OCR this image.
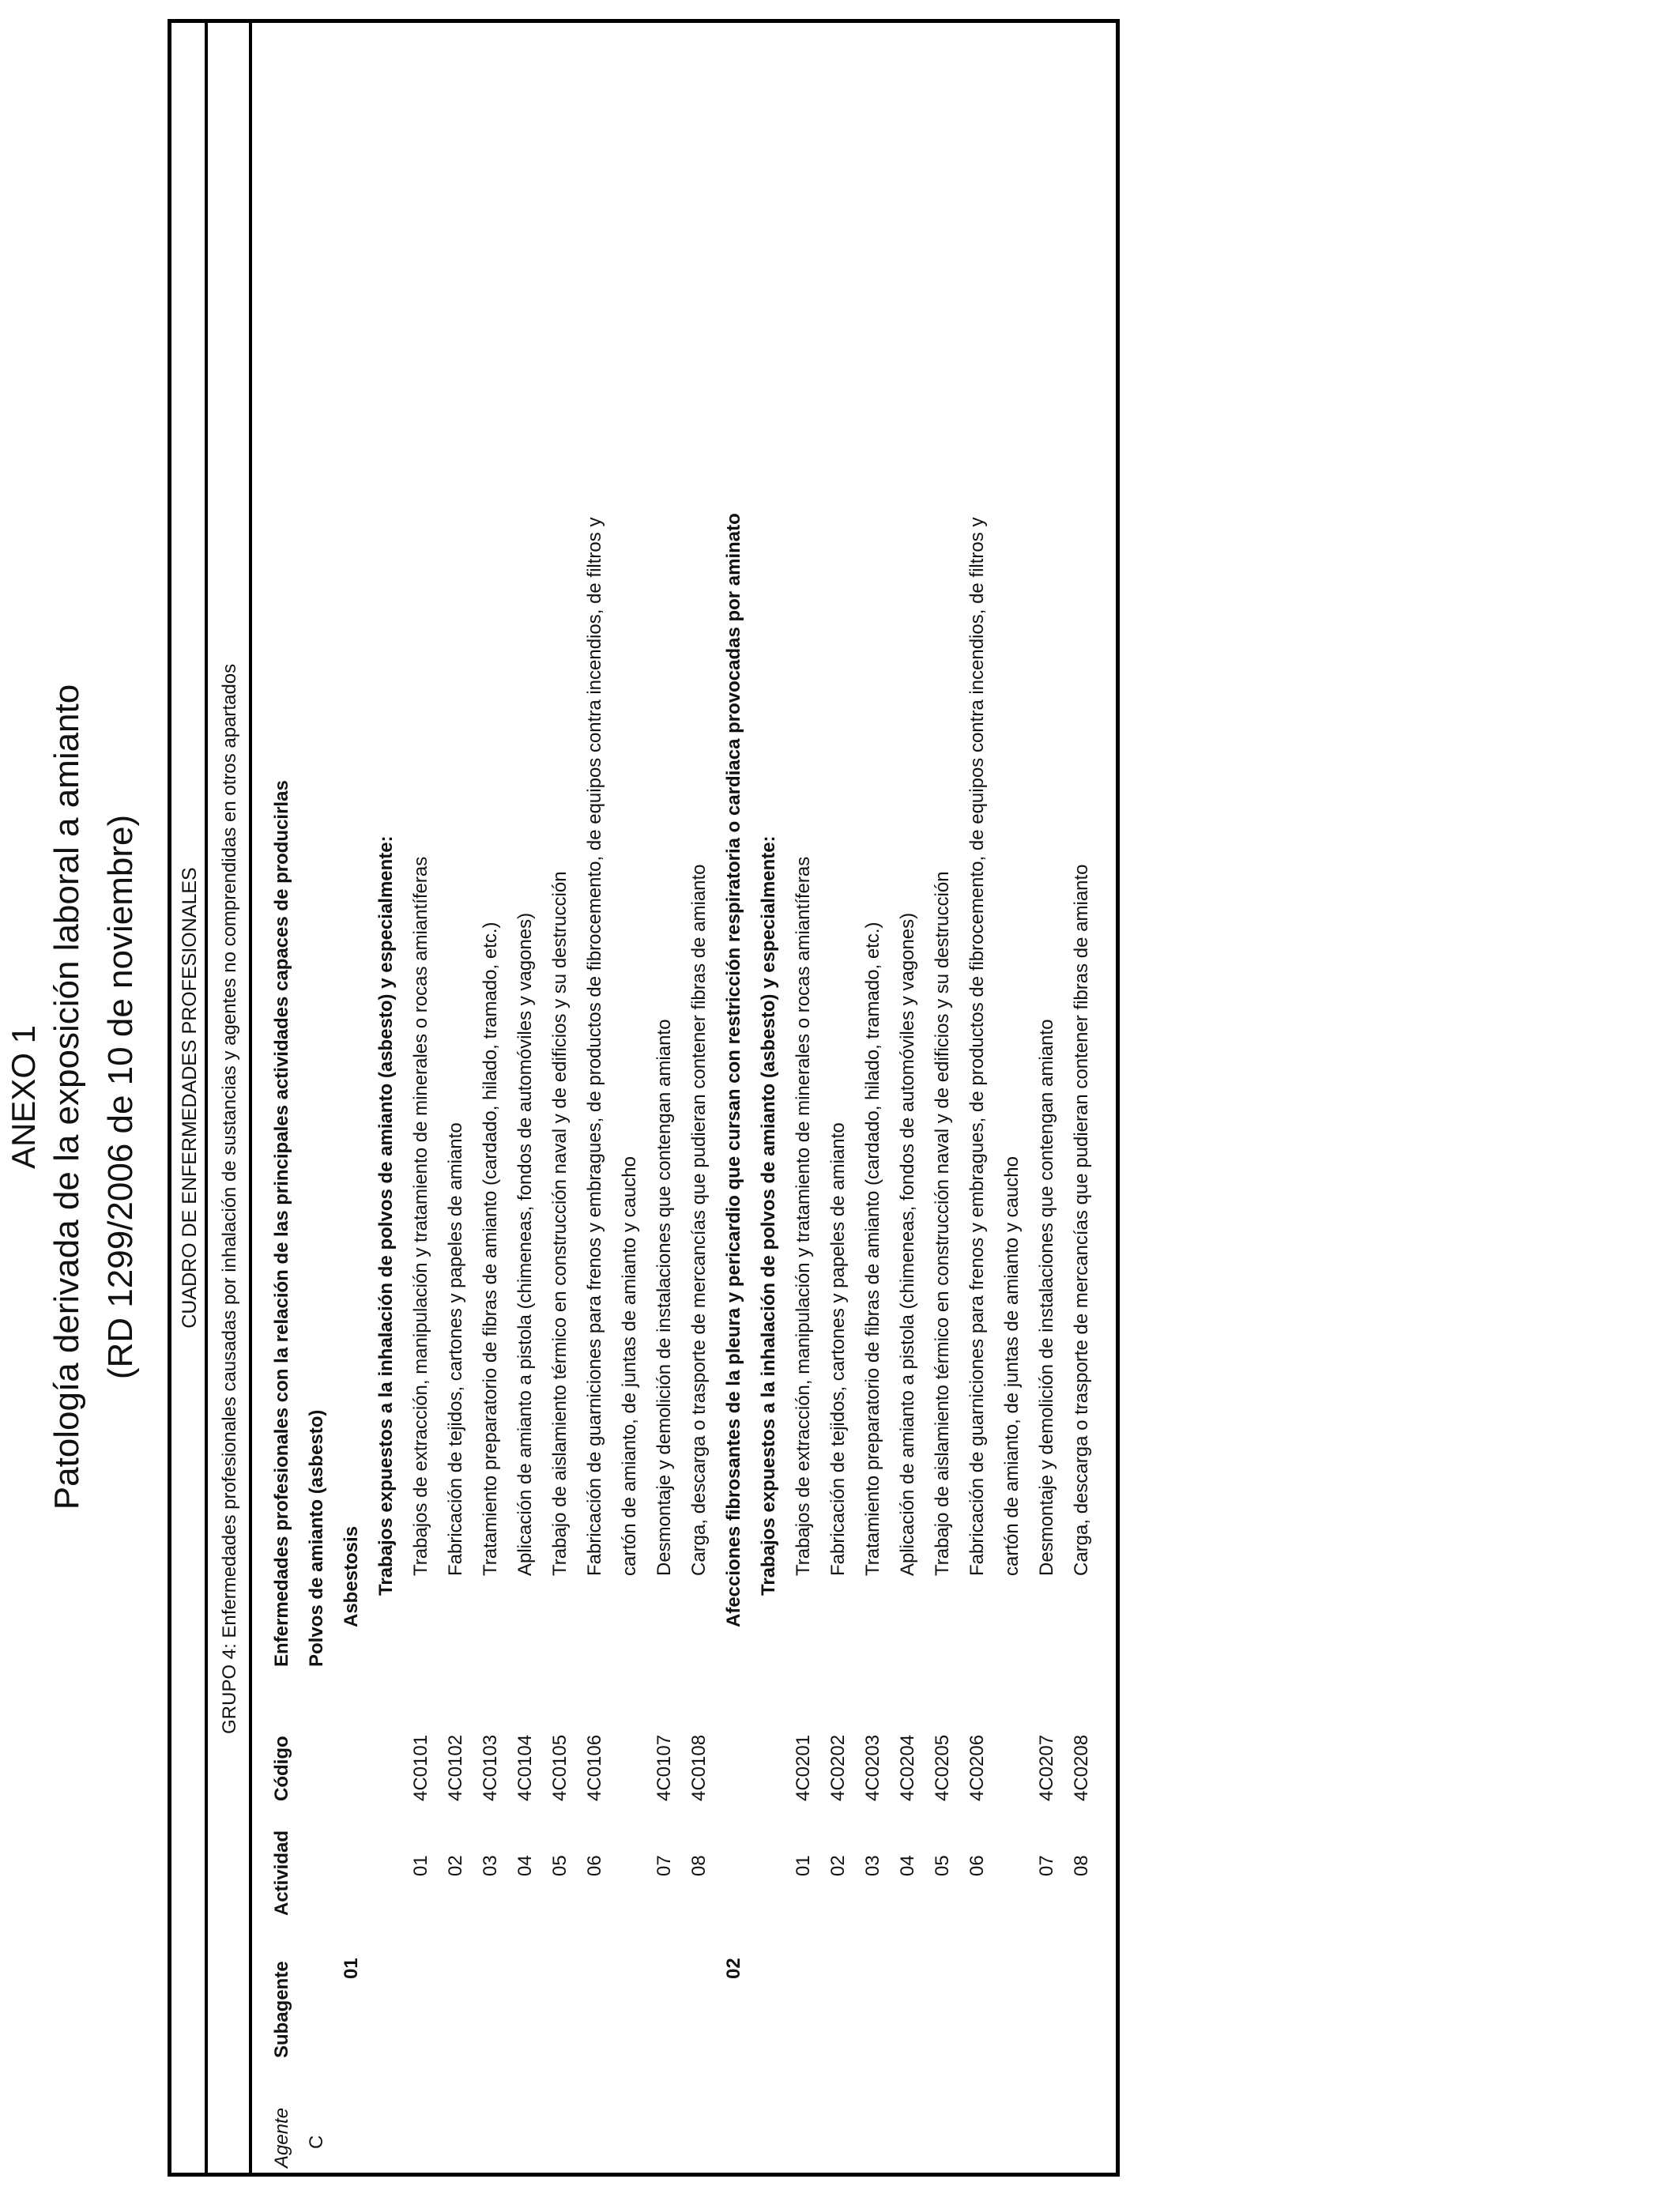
ANEXO 1 Patología derivada de la exposición laboral a amianto (RD 1299/2006 de 10 de noviembre)	CUADRO DE ENFERMEDADES PROFESIONALES GRUPO 4: Enfermedades profesionales causadas por inhalación de sustancias y agentes no comprendidas en otros apartados
Agente
Subagente
Actividad
Código
Enfermedades profesionales con la relación de las principales actividades capaces de producirlas
C
Polvos de amianto (asbesto)
01
Asbestosis Trabajos expuestos a la inhalación de polvos de amianto (asbesto) y especialmente:
01
4C0101
Trabajos de extracción, manipulación y tratamiento de minerales o rocas amiantíferas
02
4C0102
Fabricación de tejidos, cartones y papeles de amianto
03
4C0103
Tratamiento preparatorio de fibras de amianto (cardado, hilado, tramado, etc.)
04
4C0104
Aplicación de amianto a pistola (chimeneas, fondos de automóviles y vagones)
05
4C0105
Trabajo de aislamiento térmico en construcción naval y de edificios y su destrucción
06
4C0106
Fabricación de guarniciones para frenos y embragues, de productos de fibrocemento, de equipos contra incendios, de filtros y cartón de amianto, de juntas de amianto y caucho
07
4C0107
Desmontaje y demolición de instalaciones que contengan amianto
08
4C0108
Carga, descarga o trasporte de mercancías que pudieran contener fibras de amianto
02
Afecciones fibrosantes de la pleura y pericardio que cursan con restricción respiratoria o cardiaca provocadas por aminato Trabajos expuestos a la inhalación de polvos de amianto (asbesto) y especialmente:
01
4C0201
Trabajos de extracción, manipulación y tratamiento de minerales o rocas amiantíferas
02
4C0202
Fabricación de tejidos, cartones y papeles de amianto
03
4C0203
Tratamiento preparatorio de fibras de amianto (cardado, hilado, tramado, etc.)
04
4C0204
Aplicación de amianto a pistola (chimeneas, fondos de automóviles y vagones)
05
4C0205
Trabajo de aislamiento térmico en construcción naval y de edificios y su destrucción
06
4C0206
Fabricación de guarniciones para frenos y embragues, de productos de fibrocemento, de equipos contra incendios, de filtros y cartón de amianto, de juntas de amianto y caucho
07
4C0207
Desmontaje y demolición de instalaciones que contengan amianto
08
4C0208
Carga, descarga o trasporte de mercancías que pudieran contener fibras de amianto
